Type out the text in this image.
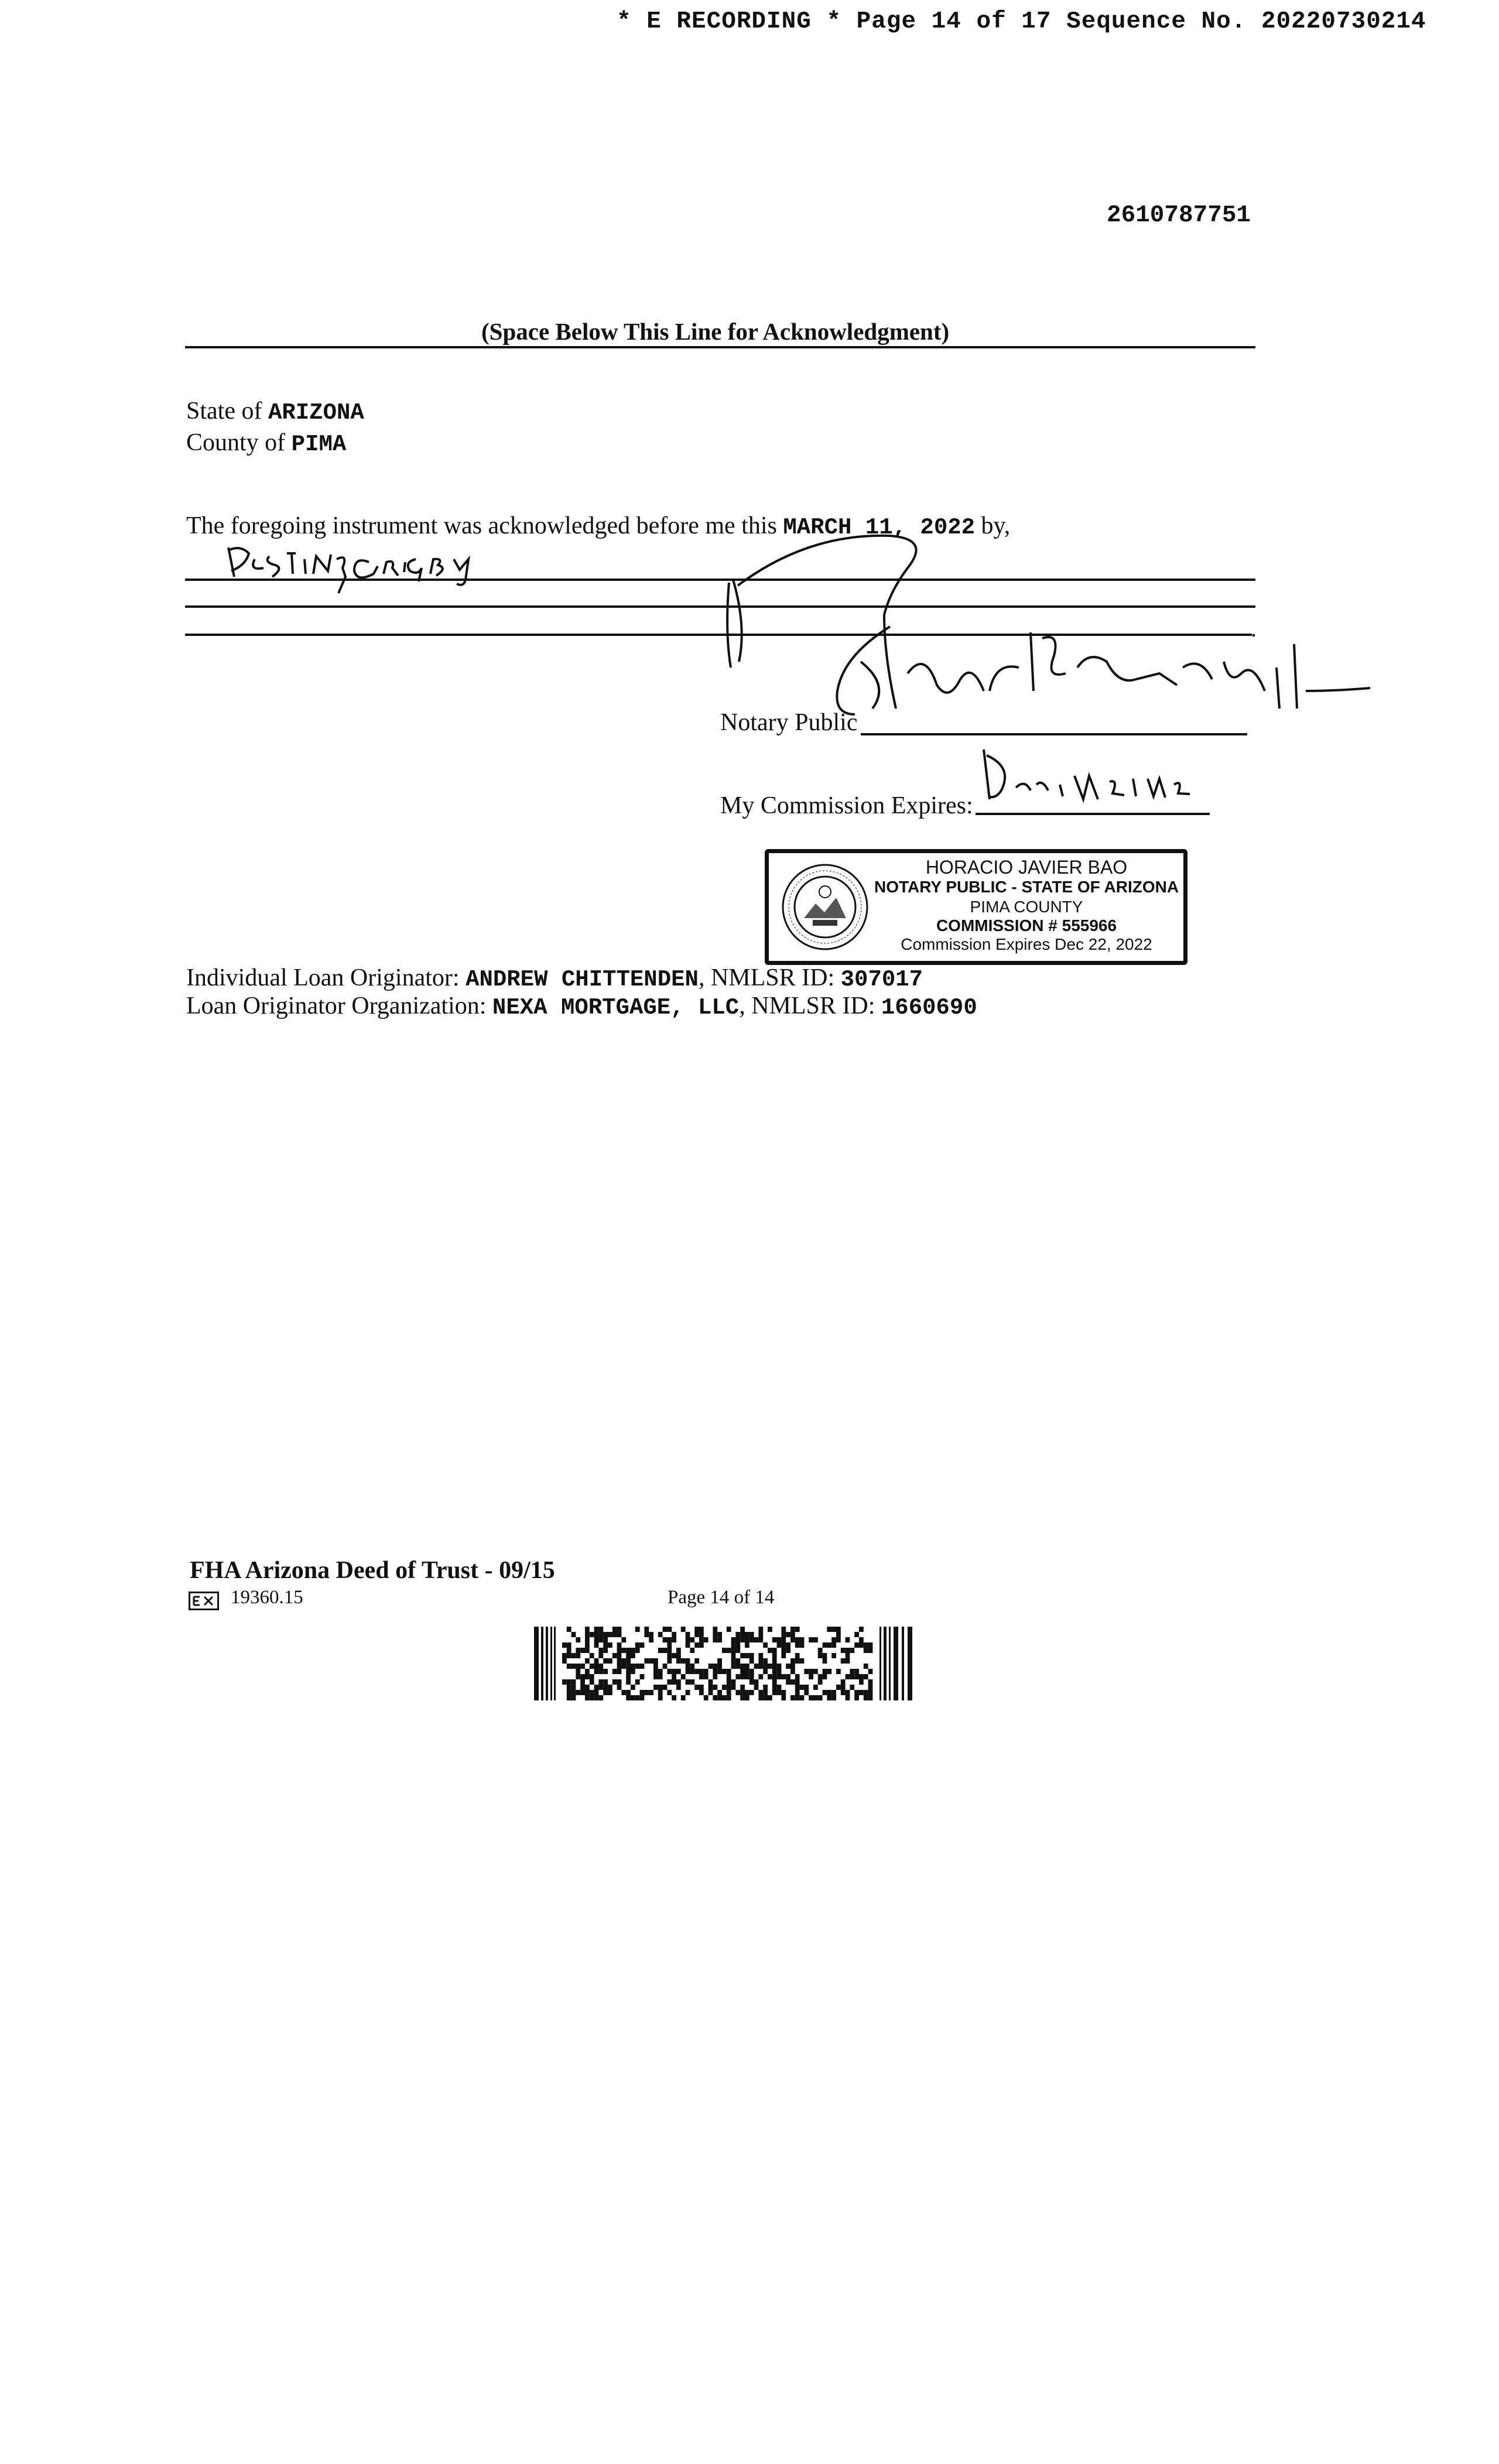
* E RECORDING * Page 14 of 17 Sequence No. 20220730214
2610787751
(Space Below This Line for Acknowledgment)
State of ARIZONA
County of PIMA
The foregoing instrument was acknowledged before me this MARCH 11, 2022 by,
.
Notary Public
My Commission Expires:
HORACIO JAVIER BAO
NOTARY PUBLIC - STATE OF ARIZONA
PIMA COUNTY
COMMISSION # 555966
Commission Expires Dec 22, 2022
Individual Loan Originator: ANDREW CHITTENDEN, NMLSR ID: 307017
Loan Originator Organization: NEXA MORTGAGE, LLC, NMLSR ID: 1660690
FHA Arizona Deed of Trust - 09/15
19360.15	Page 14 of 14
